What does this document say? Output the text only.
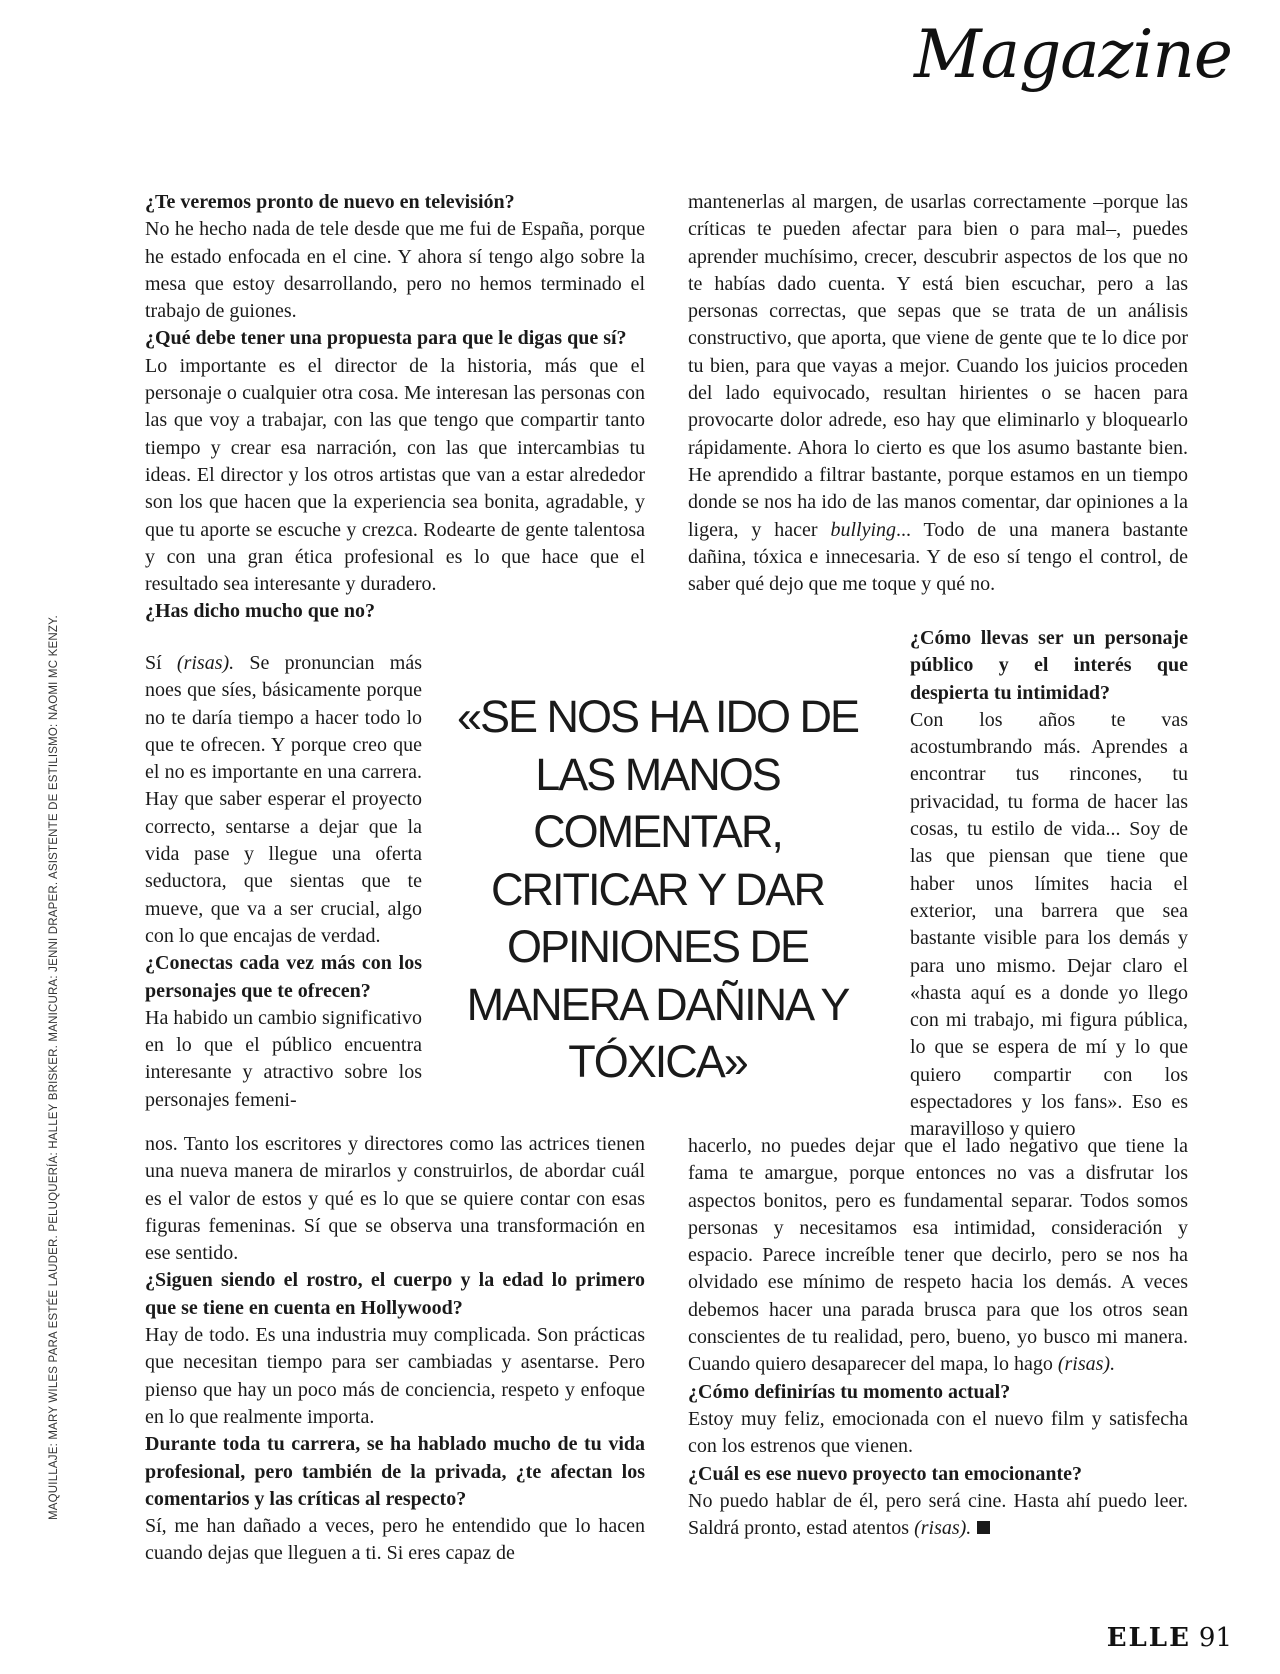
Magazine
MAQUILLAJE: MARY WILES PARA ESTÉE LAUDER. PELUQUERÍA: HALLEY BRISKER. MANICURA: JENNI DRAPER. ASISTENTE DE ESTILISMO: NAOMI MC KENZY.

¿Te veremos pronto de nuevo en televisión?

No he hecho nada de tele desde que me fui de España, porque he estado enfocada en el cine. Y ahora sí tengo algo sobre la mesa que estoy desarrollando, pero no hemos terminado el trabajo de guiones.

¿Qué debe tener una propuesta para que le digas que sí?

Lo importante es el director de la historia, más que el personaje o cualquier otra cosa. Me interesan las personas con las que voy a trabajar, con las que tengo que compartir tanto tiempo y crear esa narración, con las que intercambias tu ideas. El director y los otros artistas que van a estar alrededor son los que hacen que la experiencia sea bonita, agradable, y que tu aporte se escuche y crezca. Rodearte de gente talentosa y con una gran ética profesional es lo que hace que el resultado sea interesante y duradero.

¿Has dicho mucho que no?

Sí (risas). Se pronuncian más noes que síes, básicamente porque no te daría tiempo a hacer todo lo que te ofrecen. Y porque creo que el no es importante en una carrera. Hay que saber esperar el proyecto correcto, sentarse a dejar que la vida pase y llegue una oferta seductora, que sientas que te mueve, que va a ser crucial, algo con lo que encajas de verdad.

¿Conectas cada vez más con los personajes que te ofrecen?

Ha habido un cambio significativo en lo que el público encuentra interesante y atractivo sobre los personajes femeni-

nos. Tanto los escritores y directores como las actrices tienen una nueva manera de mirarlos y construirlos, de abordar cuál es el valor de estos y qué es lo que se quiere contar con esas figuras femeninas. Sí que se observa una transformación en ese sentido.

¿Siguen siendo el rostro, el cuerpo y la edad lo primero que se tiene en cuenta en Hollywood?

Hay de todo. Es una industria muy complicada. Son prácticas que necesitan tiempo para ser cambiadas y asentarse. Pero pienso que hay un poco más de conciencia, respeto y enfoque en lo que realmente importa.

Durante toda tu carrera, se ha hablado mucho de tu vida profesional, pero también de la privada, ¿te afectan los comentarios y las críticas al respecto?

Sí, me han dañado a veces, pero he entendido que lo hacen cuando dejas que lleguen a ti. Si eres capaz de

«SE NOS HA IDO DE LAS MANOS COMENTAR, CRITICAR Y DAR OPINIONES DE MANERA DAÑINA Y TÓXICA»

mantenerlas al margen, de usarlas correctamente –porque las críticas te pueden afectar para bien o para mal–, puedes aprender muchísimo, crecer, descubrir aspectos de los que no te habías dado cuenta. Y está bien escuchar, pero a las personas correctas, que sepas que se trata de un análisis constructivo, que aporta, que viene de gente que te lo dice por tu bien, para que vayas a mejor. Cuando los juicios proceden del lado equivocado, resultan hirientes o se hacen para provocarte dolor adrede, eso hay que eliminarlo y bloquearlo rápidamente. Ahora lo cierto es que los asumo bastante bien. He aprendido a filtrar bastante, porque estamos en un tiempo donde se nos ha ido de las manos comentar, dar opiniones a la ligera, y hacer bullying... Todo de una manera bastante dañina, tóxica e innecesaria. Y de eso sí tengo el control, de saber qué dejo que me toque y qué no.

¿Cómo llevas ser un personaje público y el interés que despierta tu intimidad?

Con los años te vas acostumbrando más. Aprendes a encontrar tus rincones, tu privacidad, tu forma de hacer las cosas, tu estilo de vida... Soy de las que piensan que tiene que haber unos límites hacia el exterior, una barrera que sea bastante visible para los demás y para uno mismo. Dejar claro el «hasta aquí es a donde yo llego con mi trabajo, mi figura pública, lo que se espera de mí y lo que quiero compartir con los espectadores y los fans». Eso es maravilloso y quiero

hacerlo, no puedes dejar que el lado negativo que tiene la fama te amargue, porque entonces no vas a disfrutar los aspectos bonitos, pero es fundamental separar. Todos somos personas y necesitamos esa intimidad, consideración y espacio. Parece increíble tener que decirlo, pero se nos ha olvidado ese mínimo de respeto hacia los demás. A veces debemos hacer una parada brusca para que los otros sean conscientes de tu realidad, pero, bueno, yo busco mi manera. Cuando quiero desaparecer del mapa, lo hago (risas).

¿Cómo definirías tu momento actual?

Estoy muy feliz, emocionada con el nuevo film y satisfecha con los estrenos que vienen.

¿Cuál es ese nuevo proyecto tan emocionante?

No puedo hablar de él, pero será cine. Hasta ahí puedo leer. Saldrá pronto, estad atentos (risas).

ELLE 91
